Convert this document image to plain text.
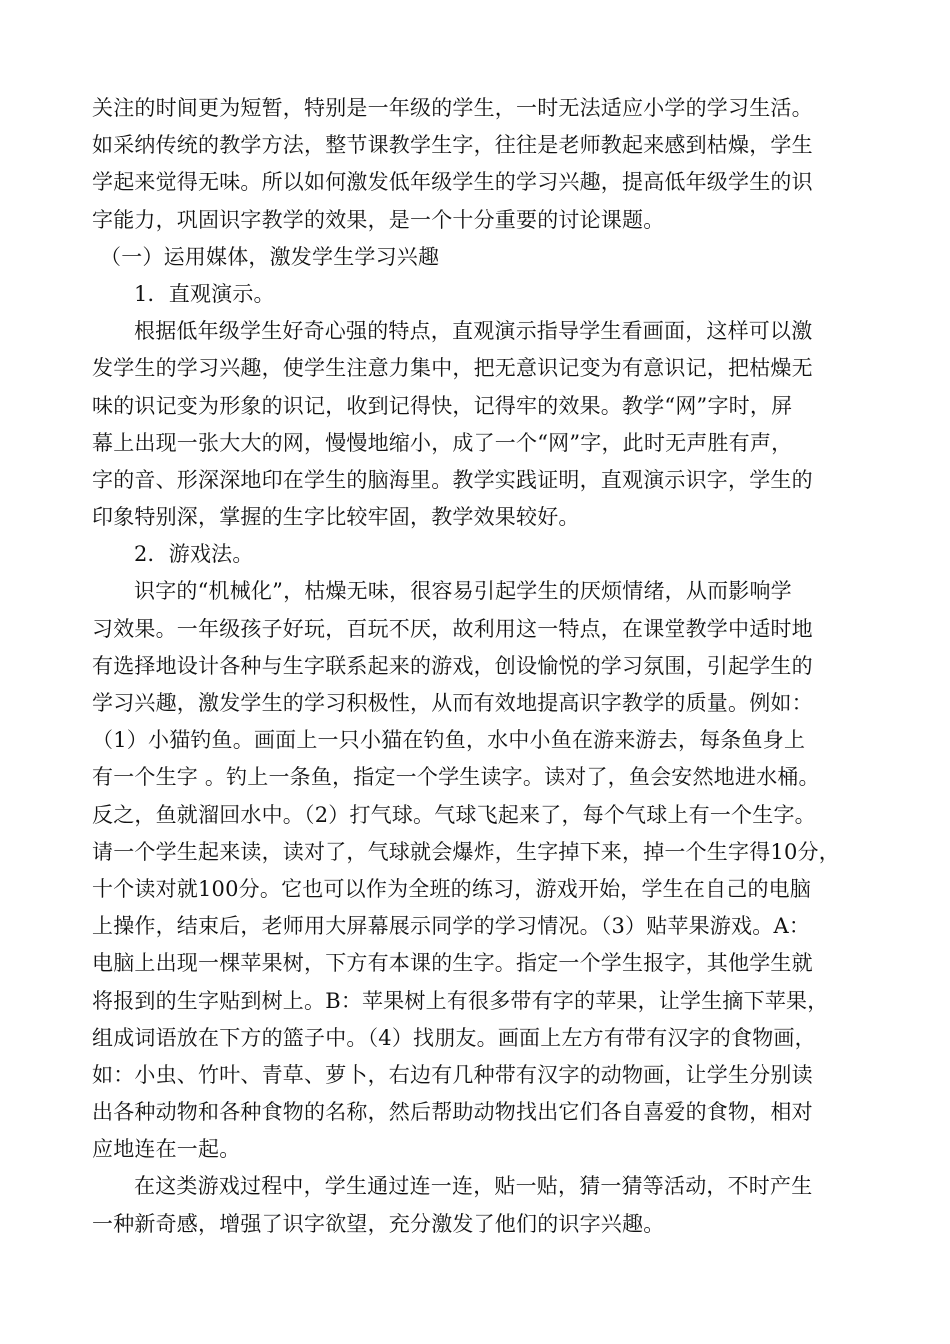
关注的时间更为短暂，特别是一年级的学生，一时无法适应小学的学习生活。
如采纳传统的教学方法，整节课教学生字，往往是老师教起来感到枯燥，学生
学起来觉得无味。所以如何激发低年级学生的学习兴趣，提高低年级学生的识
字能力，巩固识字教学的效果，是一个十分重要的讨论课题。
（一）运用媒体，激发学生学习兴趣
1．直观演示。
根据低年级学生好奇心强的特点，直观演示指导学生看画面，这样可以激
发学生的学习兴趣，使学生注意力集中，把无意识记变为有意识记，把枯燥无
味的识记变为形象的识记，收到记得快，记得牢的效果。教学“网”字时，屏
幕上出现一张大大的网，慢慢地缩小，成了一个“网”字，此时无声胜有声，
字的音、形深深地印在学生的脑海里。教学实践证明，直观演示识字，学生的
印象特别深，掌握的生字比较牢固，教学效果较好。
2．游戏法。
识字的“机械化”，枯燥无味，很容易引起学生的厌烦情绪，从而影响学
习效果。一年级孩子好玩，百玩不厌，故利用这一特点，在课堂教学中适时地
有选择地设计各种与生字联系起来的游戏，创设愉悦的学习氛围，引起学生的
学习兴趣，激发学生的学习积极性，从而有效地提高识字教学的质量。例如：
（1）小猫钓鱼。画面上一只小猫在钓鱼，水中小鱼在游来游去，每条鱼身上
有一个生字 。钓上一条鱼，指定一个学生读字。读对了，鱼会安然地进水桶。
反之，鱼就溜回水中。（2）打气球。气球飞起来了，每个气球上有一个生字。
请一个学生起来读，读对了，气球就会爆炸，生字掉下来，掉一个生字得10分，
十个读对就100分。它也可以作为全班的练习，游戏开始，学生在自己的电脑
上操作，结束后，老师用大屏幕展示同学的学习情况。（3）贴苹果游戏。A：
电脑上出现一棵苹果树，下方有本课的生字。指定一个学生报字，其他学生就
将报到的生字贴到树上。B：苹果树上有很多带有字的苹果，让学生摘下苹果，
组成词语放在下方的篮子中。（4）找朋友。画面上左方有带有汉字的食物画，
如：小虫、竹叶、青草、萝卜，右边有几种带有汉字的动物画，让学生分别读
出各种动物和各种食物的名称，然后帮助动物找出它们各自喜爱的食物，相对
应地连在一起。
在这类游戏过程中，学生通过连一连，贴一贴，猜一猜等活动，不时产生
一种新奇感，增强了识字欲望，充分激发了他们的识字兴趣。
